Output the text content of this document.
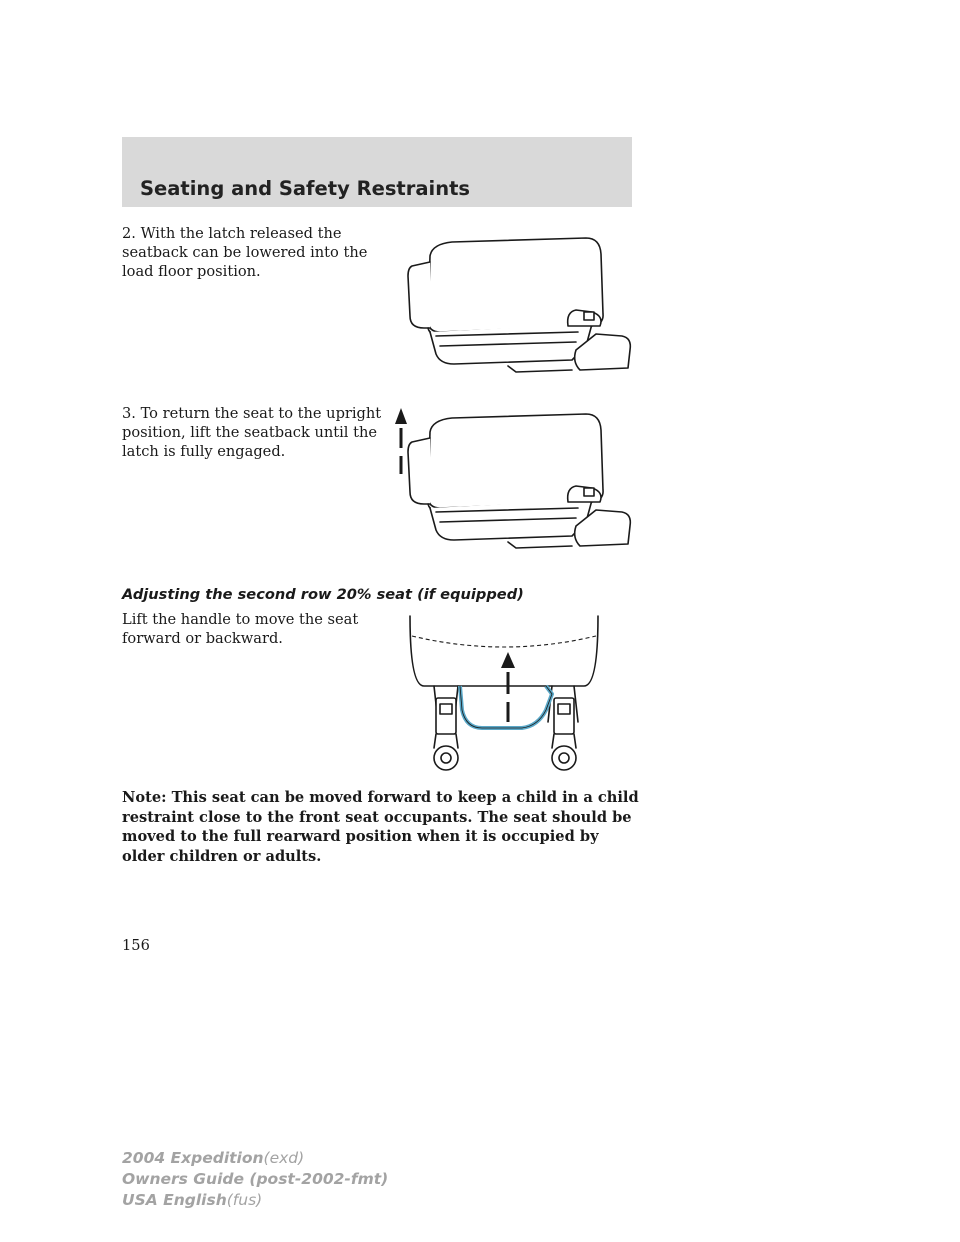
Seating and Safety Restraints

2. With the latch released the
seatback can be lowered into the
load floor position.

3. To return the seat to the upright
position, lift the seatback until the
latch is fully engaged.

Adjusting the second row 20% seat (if equipped)

Lift the handle to move the seat
forward or backward.

Note: This seat can be moved forward to keep a child in a child restraint close to the front seat occupants. The seat should be moved to the full rearward position when it is occupied by older children or adults.

156

2004 Expedition(exd)
Owners Guide (post-2002-fmt)
USA English(fus)
